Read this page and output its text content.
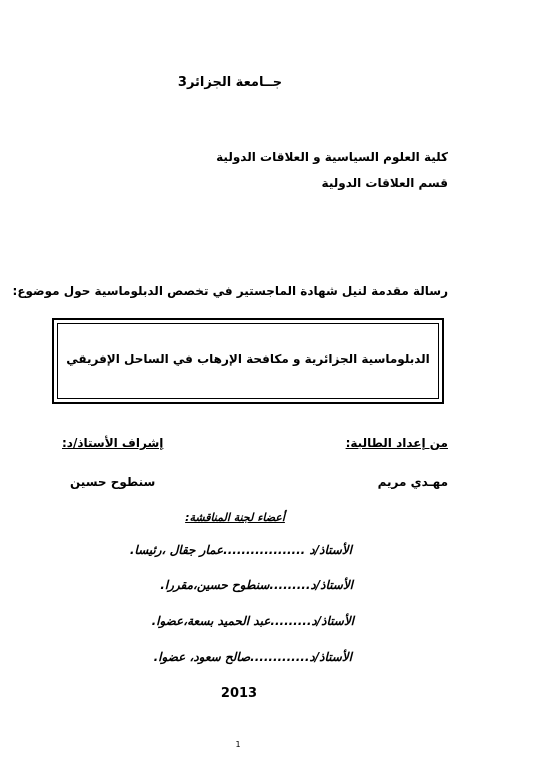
جــامعة الجزائر3
كلية العلوم السياسية و العلاقات الدولية
قسم العلاقات الدولية
رسالة مقدمة لنيل شهادة الماجستير في تخصص الدبلوماسية حول موضوع:
الدبلوماسية الجزائرية و مكافحة الإرهاب في الساحل الإفريقي
من إعداد الطالبة:
إشراف الأستاذ/د:
مهـدي مريم
سنطوح حسين
أعضاء لجنة المناقشة:
الأستاذ/د ..................عمار جقال ،رئيسا.
الأستاذ/د.........سنطوح حسين،مقررا.
الأستاذ/د.........عبد الحميد بسعة،عضوا.
الأستاذ/د.............صالح سعود، عضوا.
2013
1
